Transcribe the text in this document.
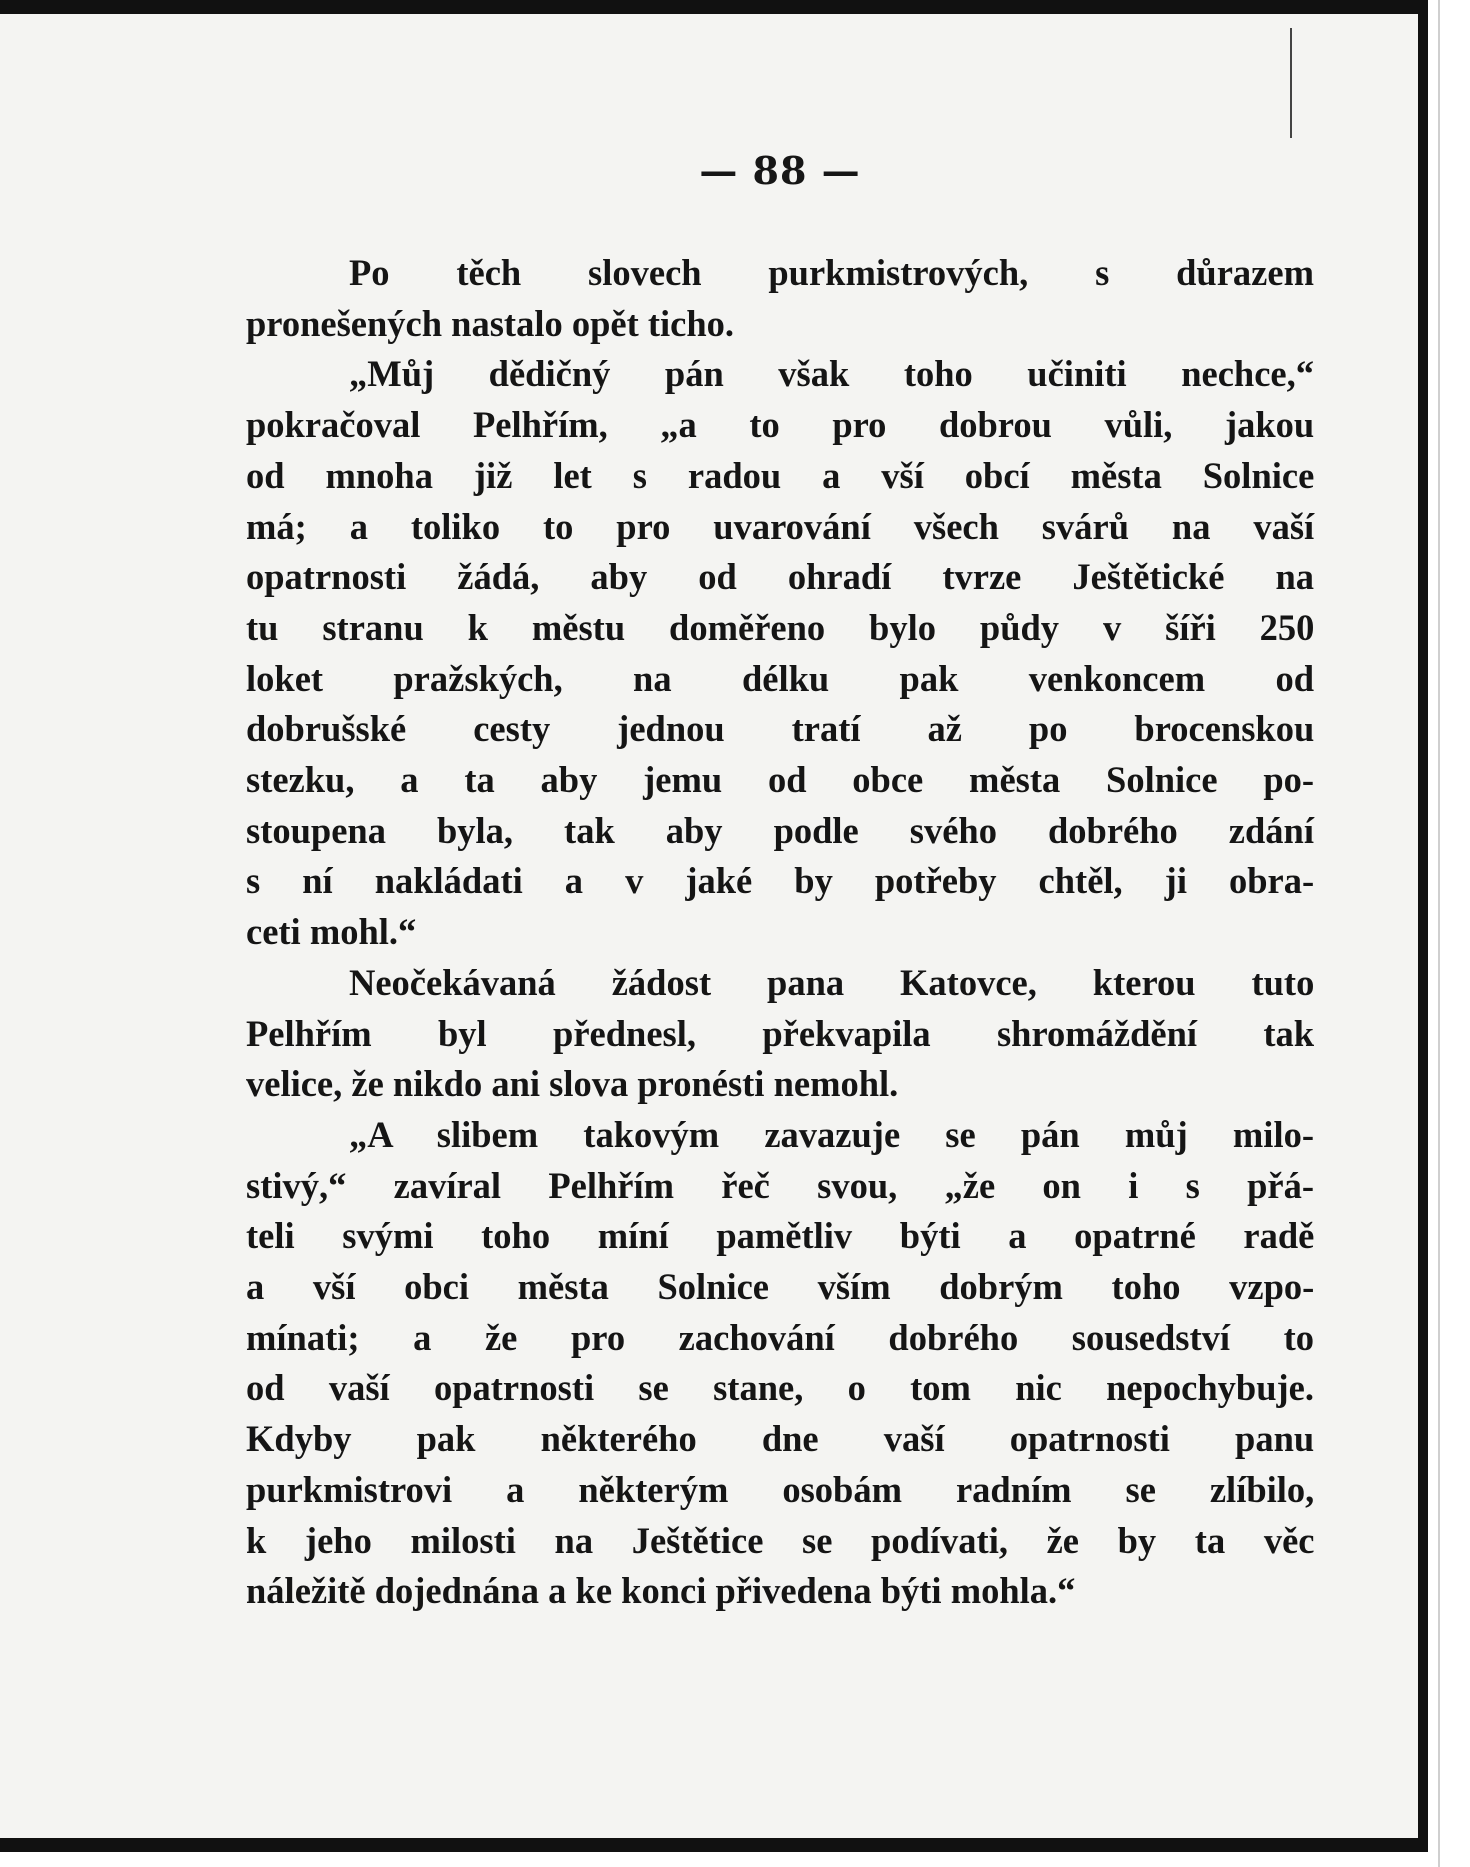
— 88 —
Po těch slovech purkmistrových, s důrazem
pronešených nastalo opět ticho.
„Můj dědičný pán však toho učiniti nechce,“
pokračoval Pelhřím, „a to pro dobrou vůli, jakou
od mnoha již let s radou a vší obcí města Solnice
má; a toliko to pro uvarování všech svárů na vaší
opatrnosti žádá, aby od ohradí tvrze Ještětické na
tu stranu k městu doměřeno bylo půdy v šíři 250
loket pražských, na délku pak venkoncem od
dobrušské cesty jednou tratí až po brocenskou
stezku, a ta aby jemu od obce města Solnice po-
stoupena byla, tak aby podle svého dobrého zdání
s ní nakládati a v jaké by potřeby chtěl, ji obra-
ceti mohl.“
Neočekávaná žádost pana Katovce, kterou tuto
Pelhřím byl přednesl, překvapila shromáždění tak
velice, že nikdo ani slova pronésti nemohl.
„A slibem takovým zavazuje se pán můj milo-
stivý,“ zavíral Pelhřím řeč svou, „že on i s přá-
teli svými toho míní pamětliv býti a opatrné radě
a vší obci města Solnice vším dobrým toho vzpo-
mínati; a že pro zachování dobrého sousedství to
od vaší opatrnosti se stane, o tom nic nepochybuje.
Kdyby pak některého dne vaší opatrnosti panu
purkmistrovi a některým osobám radním se zlíbilo,
k jeho milosti na Ještětice se podívati, že by ta věc
náležitě dojednána a ke konci přivedena býti mohla.“
